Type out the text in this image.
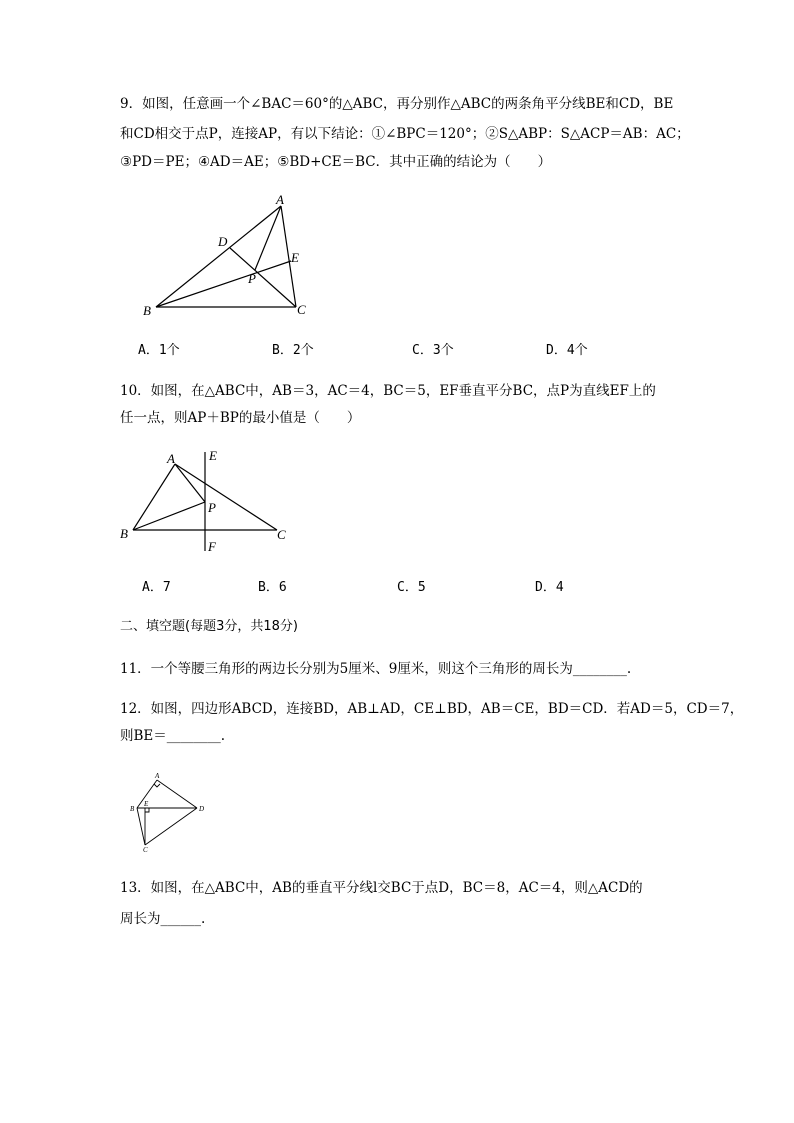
9．如图，任意画一个∠BAC＝60°的△ABC，再分别作△ABC的两条角平分线BE和CD，BE
和CD相交于点P，连接AP，有以下结论：①∠BPC＝120°；②S△ABP：S△ACP＝AB：AC；
③PD＝PE；④AD＝AE；⑤BD+CE＝BC．其中正确的结论为（　　）
A
B	C
D
E
P
A．1个	B．2个	C．3个	D．4个
10．如图，在△ABC中，AB＝3，AC＝4，BC＝5，EF垂直平分BC，点P为直线EF上的
任一点，则AP＋BP的最小值是（　　）
A
B	C
E
F
P
A．7	B．6	C．5	D．4
二、填空题(每题3分，共18分)
11．一个等腰三角形的两边长分别为5厘米、9厘米，则这个三角形的周长为________.
12．如图，四边形ABCD，连接BD，AB⊥AD，CE⊥BD，AB＝CE，BD＝CD．若AD＝5，CD＝7，
则BE＝________.
A
B
C
D
E
13．如图，在△ABC中，AB的垂直平分线l交BC于点D，BC＝8，AC＝4，则△ACD的
周长为______.
